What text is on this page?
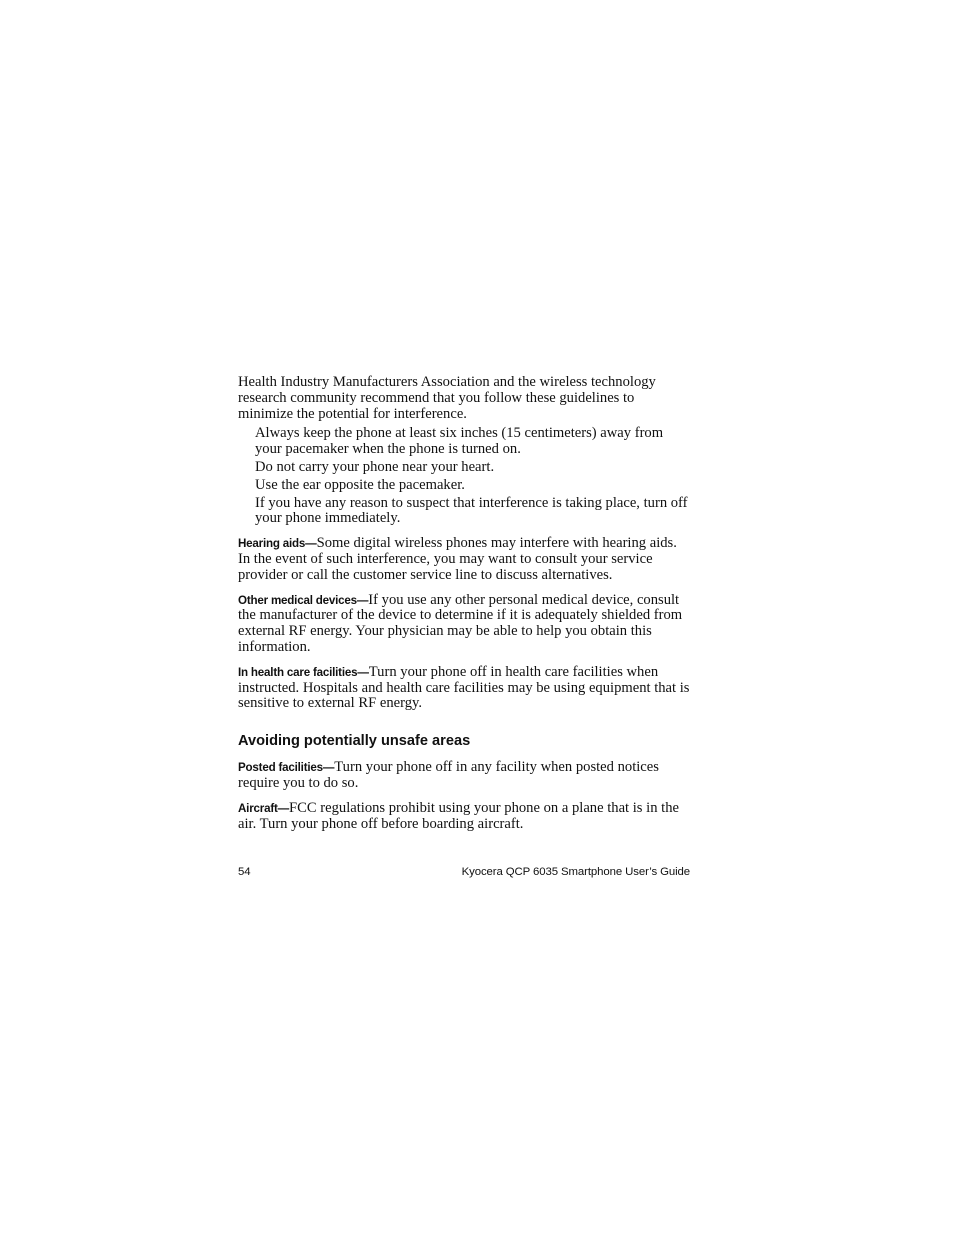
Health Industry Manufacturers Association and the wireless technology research community recommend that you follow these guidelines to minimize the potential for interference.

Always keep the phone at least six inches (15 centimeters) away from your pacemaker when the phone is turned on.
Do not carry your phone near your heart.
Use the ear opposite the pacemaker.
If you have any reason to suspect that interference is taking place, turn off your phone immediately.

Hearing aids—Some digital wireless phones may interfere with hearing aids. In the event of such interference, you may want to consult your service provider or call the customer service line to discuss alternatives.

Other medical devices—If you use any other personal medical device, consult the manufacturer of the device to determine if it is adequately shielded from external RF energy. Your physician may be able to help you obtain this information.

In health care facilities—Turn your phone off in health care facilities when instructed. Hospitals and health care facilities may be using equipment that is sensitive to external RF energy.

Avoiding potentially unsafe areas

Posted facilities—Turn your phone off in any facility when posted notices require you to do so.

Aircraft—FCC regulations prohibit using your phone on a plane that is in the air. Turn your phone off before boarding aircraft.

54	Kyocera QCP 6035 Smartphone User’s Guide
